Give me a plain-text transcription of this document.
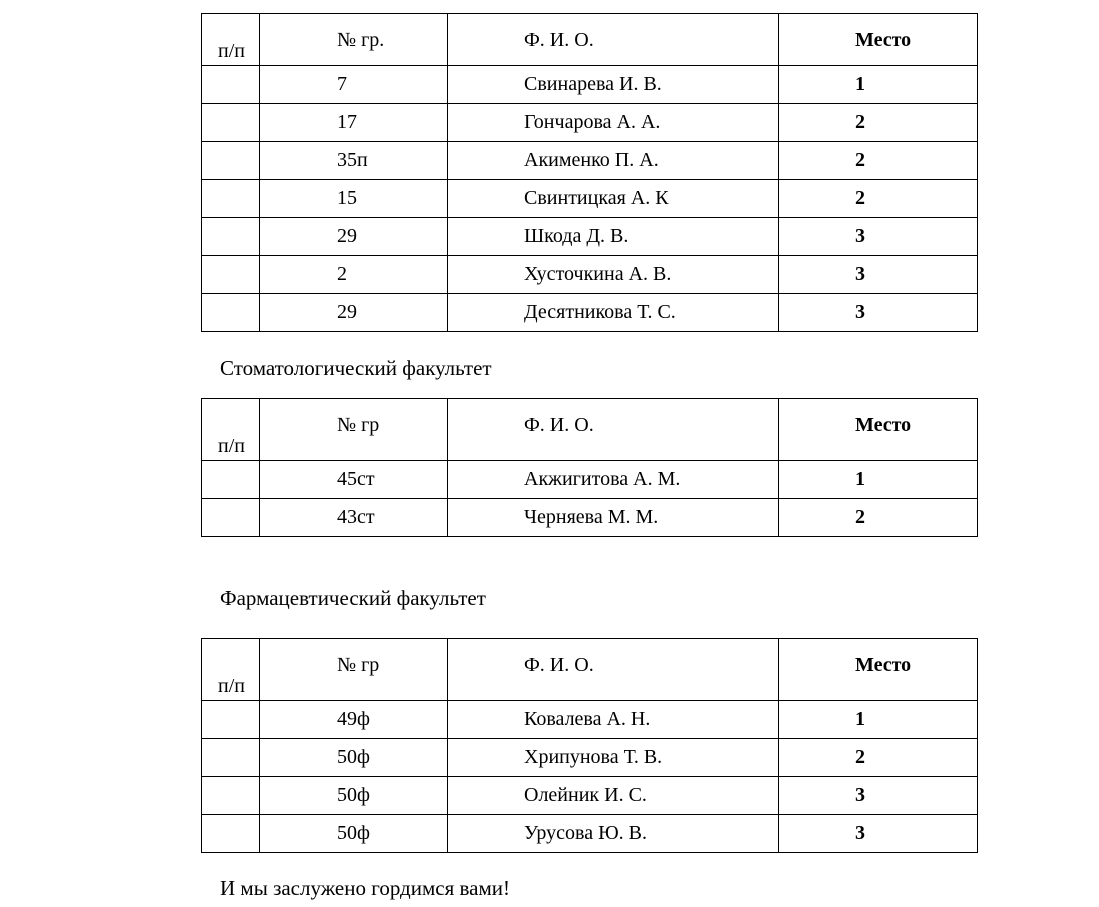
п/п	№ гр.	Ф. И. О.	Место
	7	Свинарева И. В.	1
	17	Гончарова А. А.	2
	35п	Акименко П. А.	2
	15	Свинтицкая А. К	2
	29	Шкода Д. В.	3
	2	Хусточкина А. В.	3
	29	Десятникова Т. С.	3
Стоматологический факультет
п/п	№ гр	Ф. И. О.	Место
	45ст	Акжигитова А. М.	1
	43ст	Черняева М. М.	2
Фармацевтический факультет
п/п	№ гр	Ф. И. О.	Место
	49ф	Ковалева А. Н.	1
	50ф	Хрипунова Т. В.	2
	50ф	Олейник И. С.	3
	50ф	Урусова Ю. В.	3
И мы заслужено гордимся вами!
